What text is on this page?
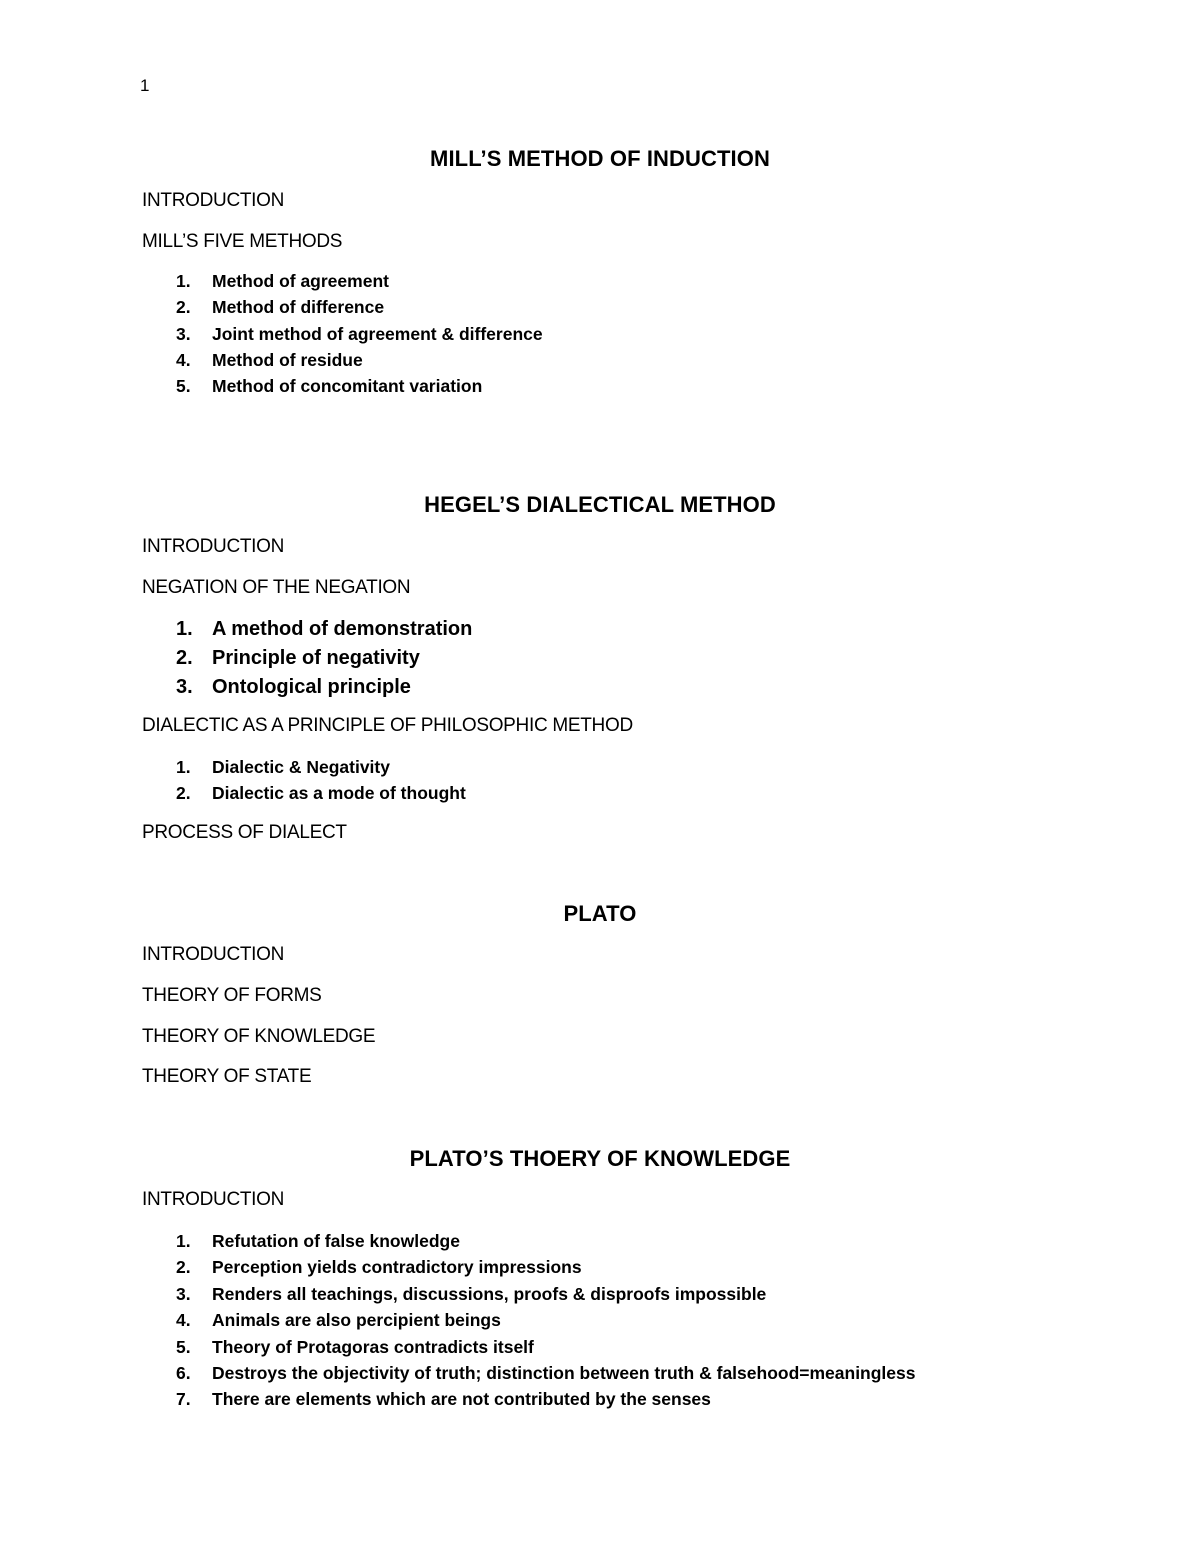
1
MILL’S METHOD OF INDUCTION
INTRODUCTION
MILL’S FIVE METHODS
1. Method of agreement
2. Method of difference
3. Joint method of agreement & difference
4. Method of residue
5. Method of concomitant variation
HEGEL’S DIALECTICAL METHOD
INTRODUCTION
NEGATION OF THE NEGATION
1. A method of demonstration
2. Principle of negativity
3. Ontological principle
DIALECTIC AS A PRINCIPLE OF PHILOSOPHIC METHOD
1. Dialectic & Negativity
2. Dialectic as a mode of thought
PROCESS OF DIALECT
PLATO
INTRODUCTION
THEORY OF FORMS
THEORY OF KNOWLEDGE
THEORY OF STATE
PLATO’S THOERY OF KNOWLEDGE
INTRODUCTION
1. Refutation of false knowledge
2. Perception yields contradictory impressions
3. Renders all teachings, discussions, proofs & disproofs impossible
4. Animals are also percipient beings
5. Theory of Protagoras contradicts itself
6. Destroys the objectivity of truth; distinction between truth & falsehood=meaningless
7. There are elements which are not contributed by the senses
